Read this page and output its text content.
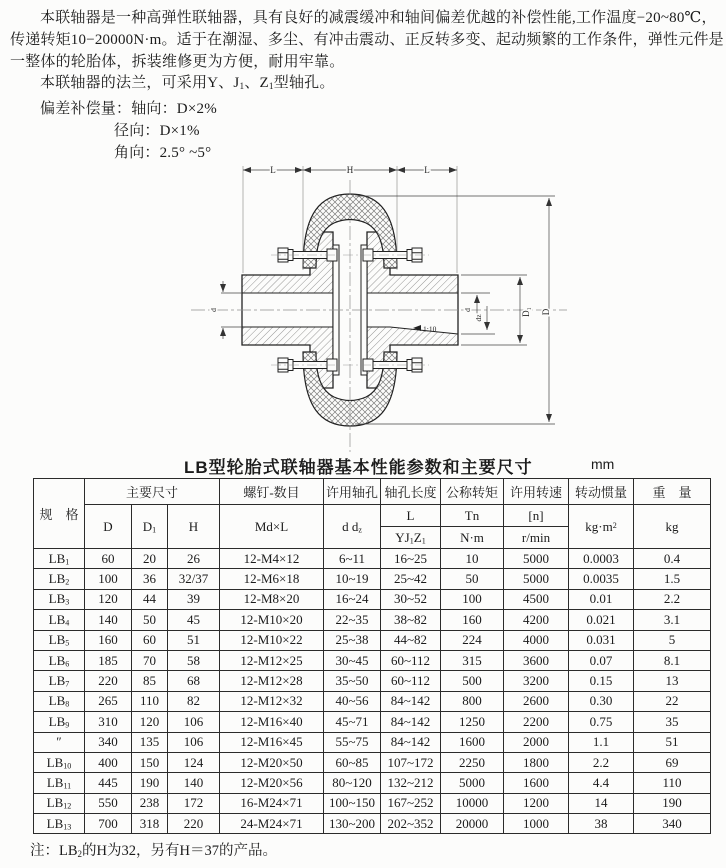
本联轴器是一种高弹性联轴器，具有良好的减震缓冲和轴间偏差优越的补偿性能,工作温度−20~80℃，
传递转矩10−20000N·m。适于在潮湿、多尘、有冲击震动、正反转多变、起动频繁的工作条件，弹性元件是
一整体的轮胎体，拆装维修更为方便，耐用牢靠。
本联轴器的法兰，可采用Y、$J_1$、$Z_1$型轴孔。
偏差补偿量：轴向：D×2%
径向：D×1%
角向：2.5° ~5°
L	H	L
D
D₁
d
dz
d
1:10
LB型轮胎式联轴器基本性能参数和主要尺寸	mm
规　格	主要尺寸			螺钉-数目	许用轴孔	轴孔长度	公称转矩	许用转速	转动惯量	重　量
	D	$D_1$	H	Md×L	d $d_z$	L	Tn	[n]	$kg\cdot m^2$	kg
						$YJ_1Z_1$	N·m	r/min		
$LB_1$	60	20	26	12-M4×12	6~11	16~25	10	5000	0.0003	0.4
$LB_2$	100	36	32/37	12-M6×18	10~19	25~42	50	5000	0.0035	1.5
$LB_3$	120	44	39	12-M8×20	16~24	30~52	100	4500	0.01	2.2
$LB_4$	140	50	45	12-M10×20	22~35	38~82	160	4200	0.021	3.1
$LB_5$	160	60	51	12-M10×22	25~38	44~82	224	4000	0.031	5
$LB_6$	185	70	58	12-M12×25	30~45	60~112	315	3600	0.07	8.1
$LB_7$	220	85	68	12-M12×28	35~50	60~112	500	3200	0.15	13
$LB_8$	265	110	82	12-M12×32	40~56	84~142	800	2600	0.30	22
$LB_9$	310	120	106	12-M16×40	45~71	84~142	1250	2200	0.75	35
″	340	135	106	12-M16×45	55~75	84~142	1600	2000	1.1	51
$LB_{10}$	400	150	124	12-M20×50	60~85	107~172	2250	1800	2.2	69
$LB_{11}$	445	190	140	12-M20×56	80~120	132~212	5000	1600	4.4	110
$LB_{12}$	550	238	172	16-M24×71	100~150	167~252	10000	1200	14	190
$LB_{13}$	700	318	220	24-M24×71	130~200	202~352	20000	1000	38	340
注：$LB_2$的H为32，另有H＝37的产品。
